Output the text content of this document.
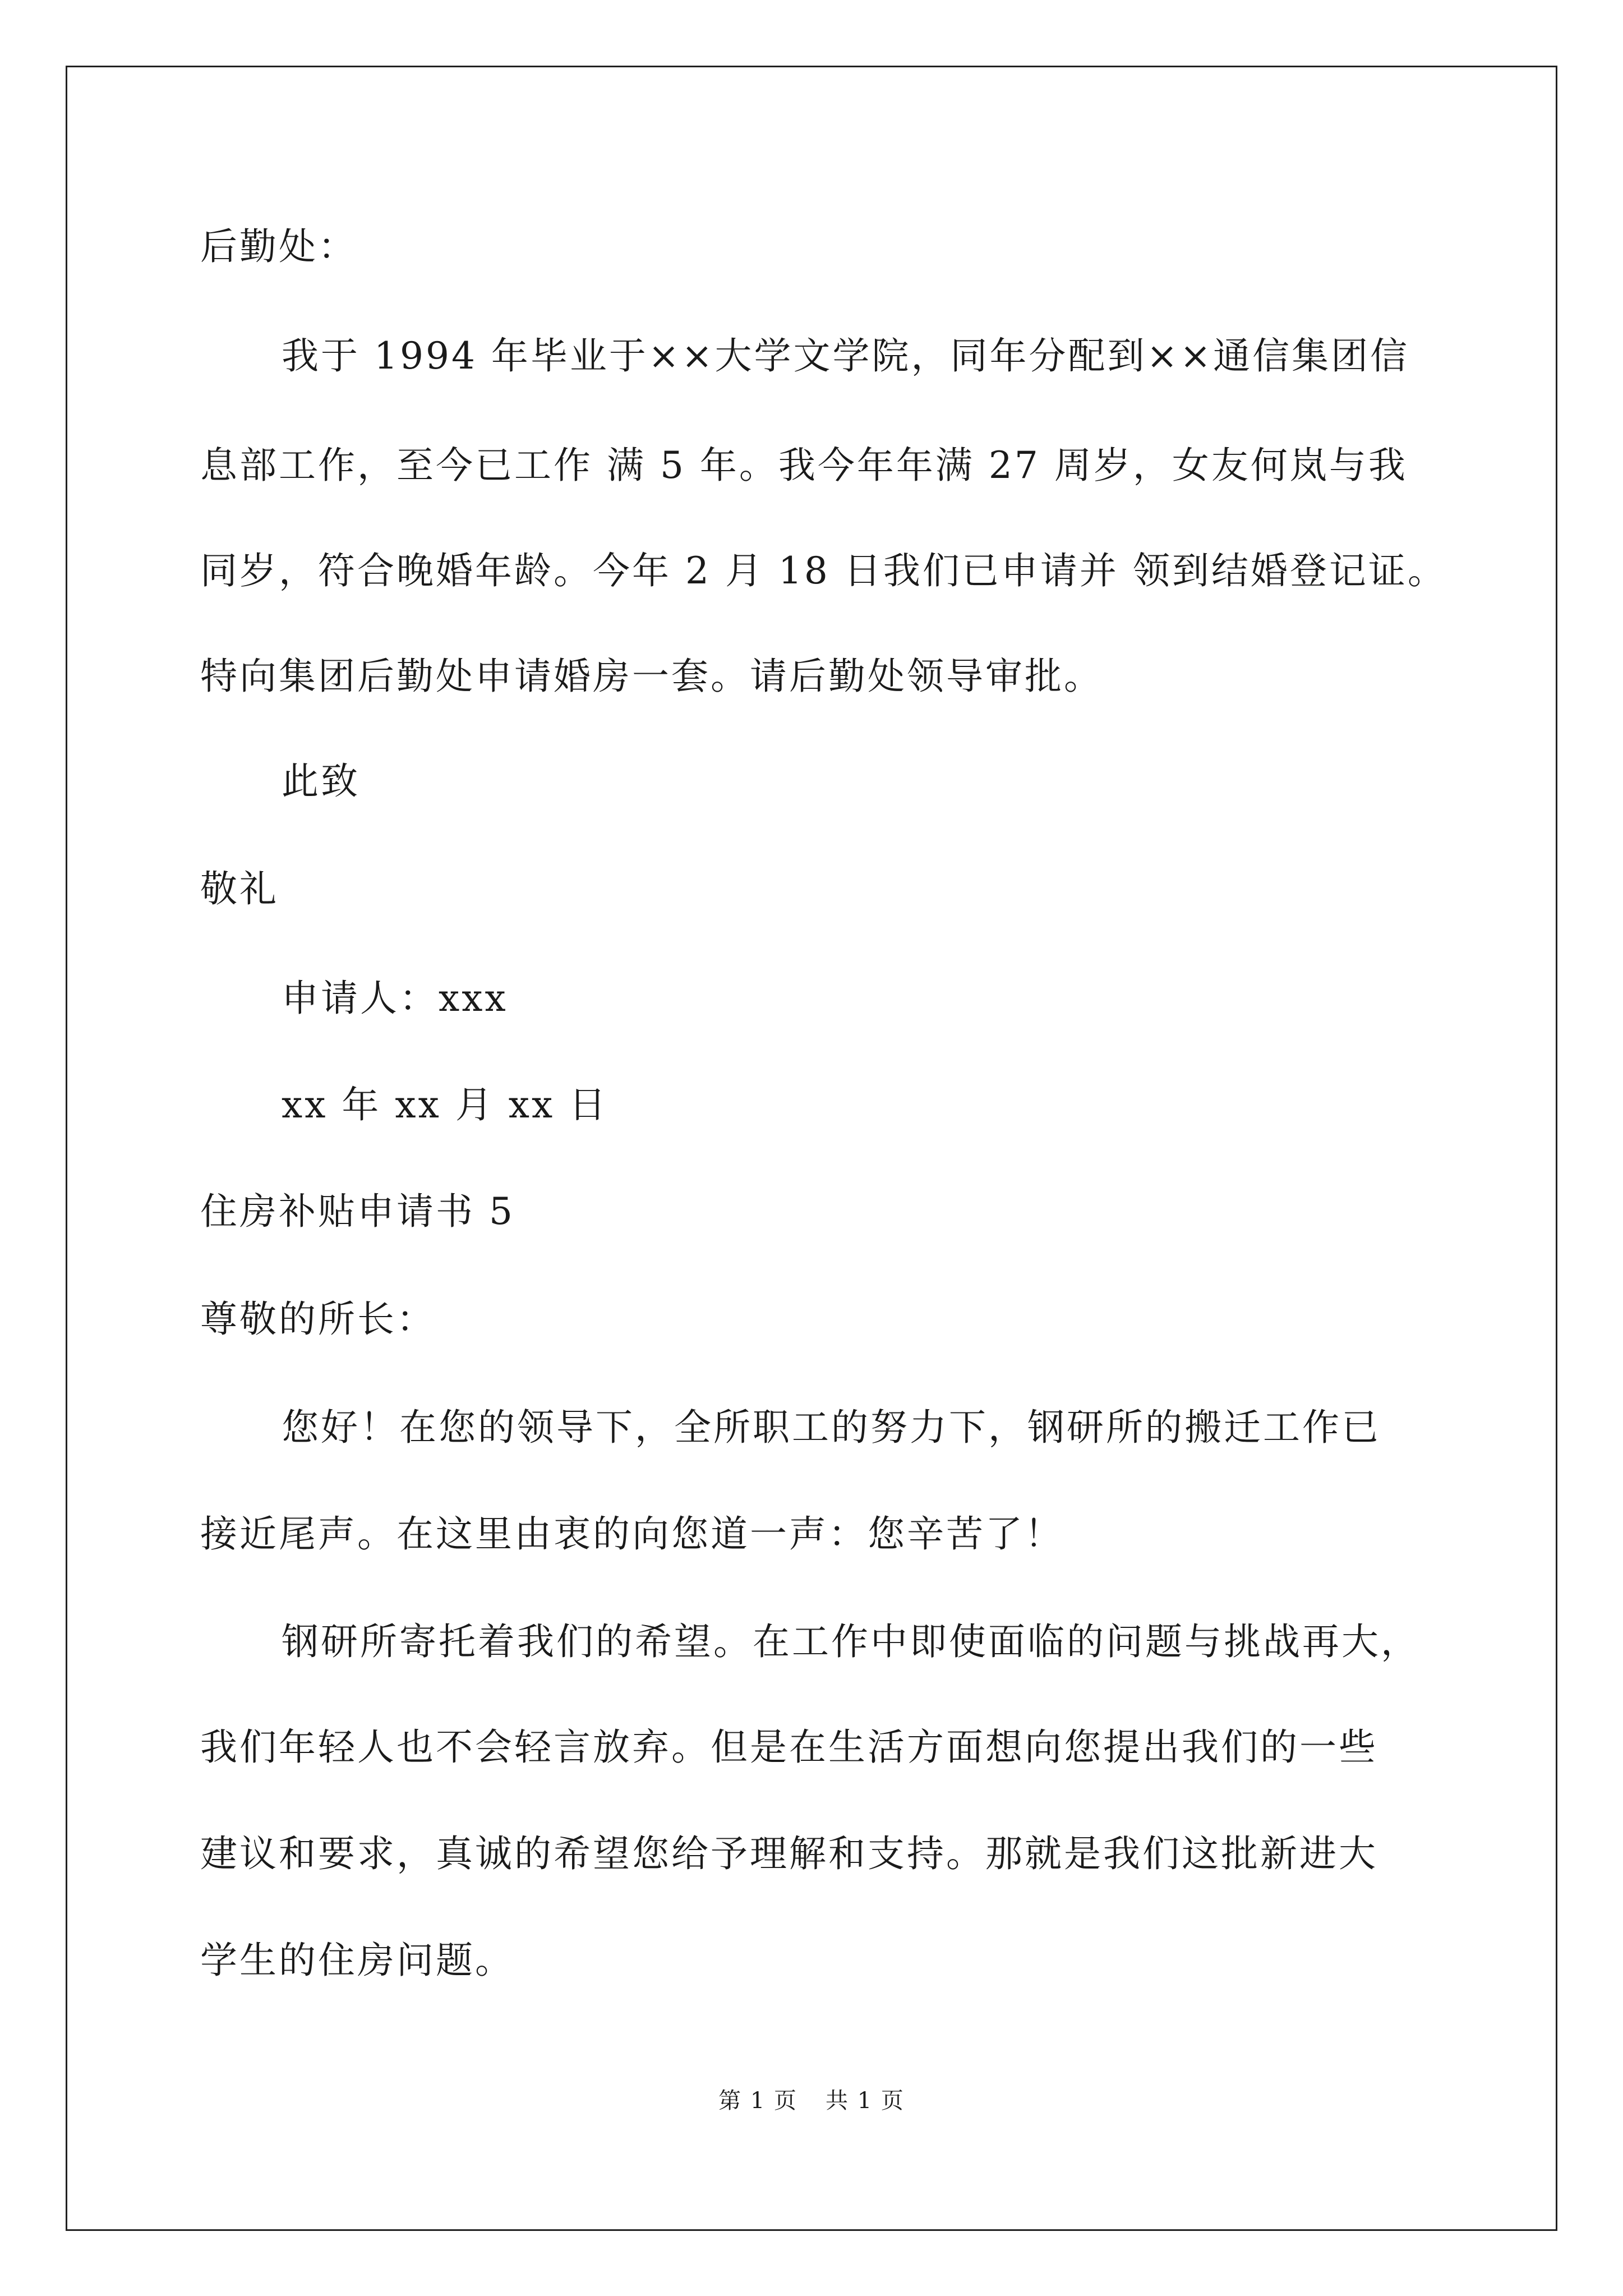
后勤处：
我于 1994 年毕业于××大学文学院，同年分配到××通信集团信
息部工作，至今已工作 满 5 年。我今年年满 27 周岁，女友何岚与我
同岁，符合晚婚年龄。今年 2 月 18 日我们已申请并 领到结婚登记证。
特向集团后勤处申请婚房一套。请后勤处领导审批。
此致
敬礼
申请人：xxx
xx 年 xx 月 xx 日
住房补贴申请书 5
尊敬的所长：
您好！在您的领导下，全所职工的努力下，钢研所的搬迁工作已
接近尾声。在这里由衷的向您道一声：您辛苦了！
钢研所寄托着我们的希望。在工作中即使面临的问题与挑战再大，
我们年轻人也不会轻言放弃。但是在生活方面想向您提出我们的一些
建议和要求，真诚的希望您给予理解和支持。那就是我们这批新进大
学生的住房问题。
第 1 页 共 1 页
